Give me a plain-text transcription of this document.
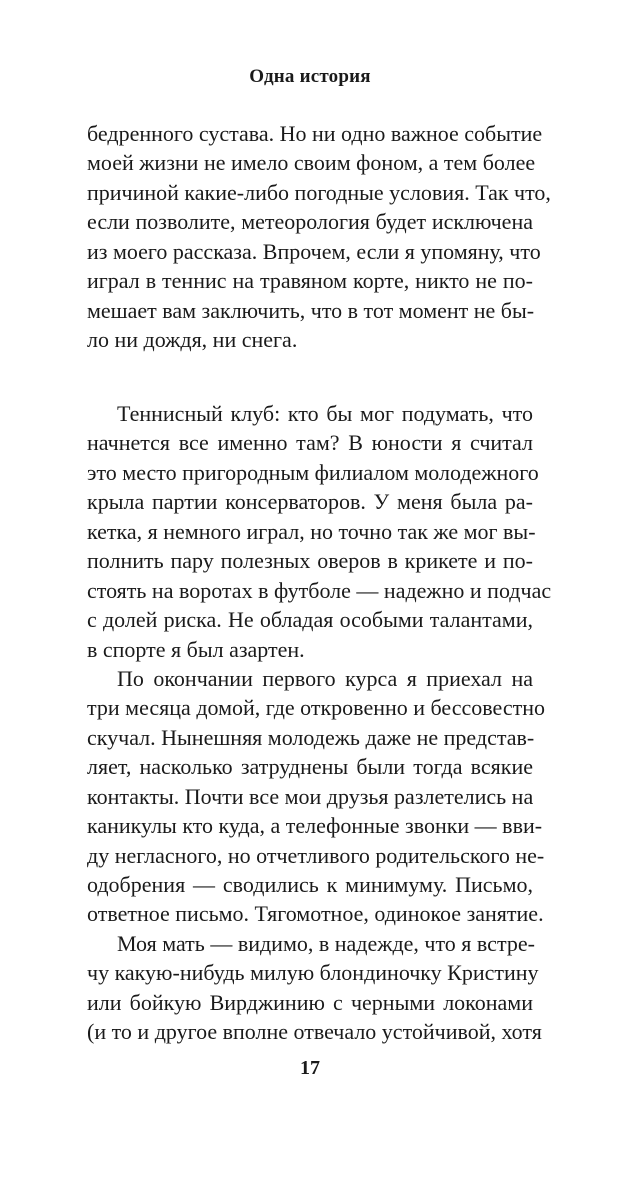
Одна история
бедренного сустава. Но ни одно важное событие
моей жизни не имело своим фоном, а тем более
причиной какие-либо погодные условия. Так что,
если позволите, метеорология будет исключена
из моего рассказа. Впрочем, если я упомяну, что
играл в теннис на травяном корте, никто не по-
мешает вам заключить, что в тот момент не бы-
ло ни дождя, ни снега.
Теннисный клуб: кто бы мог подумать, что
начнется все именно там? В юности я считал
это место пригородным филиалом молодежного
крыла партии консерваторов. У меня была ра-
кетка, я немного играл, но точно так же мог вы-
полнить пару полезных оверов в крикете и по-
стоять на воротах в футболе — надежно и подчас
с долей риска. Не обладая особыми талантами,
в спорте я был азартен.
По окончании первого курса я приехал на
три месяца домой, где откровенно и бессовестно
скучал. Нынешняя молодежь даже не представ-
ляет, насколько затруднены были тогда всякие
контакты. Почти все мои друзья разлетелись на
каникулы кто куда, а телефонные звонки — вви-
ду негласного, но отчетливого родительского не-
одобрения — сводились к минимуму. Письмо,
ответное письмо. Тягомотное, одинокое занятие.
Моя мать — видимо, в надежде, что я встре-
чу какую-нибудь милую блондиночку Кристину
или бойкую Вирджинию с черными локонами
(и то и другое вполне отвечало устойчивой, хотя
17
